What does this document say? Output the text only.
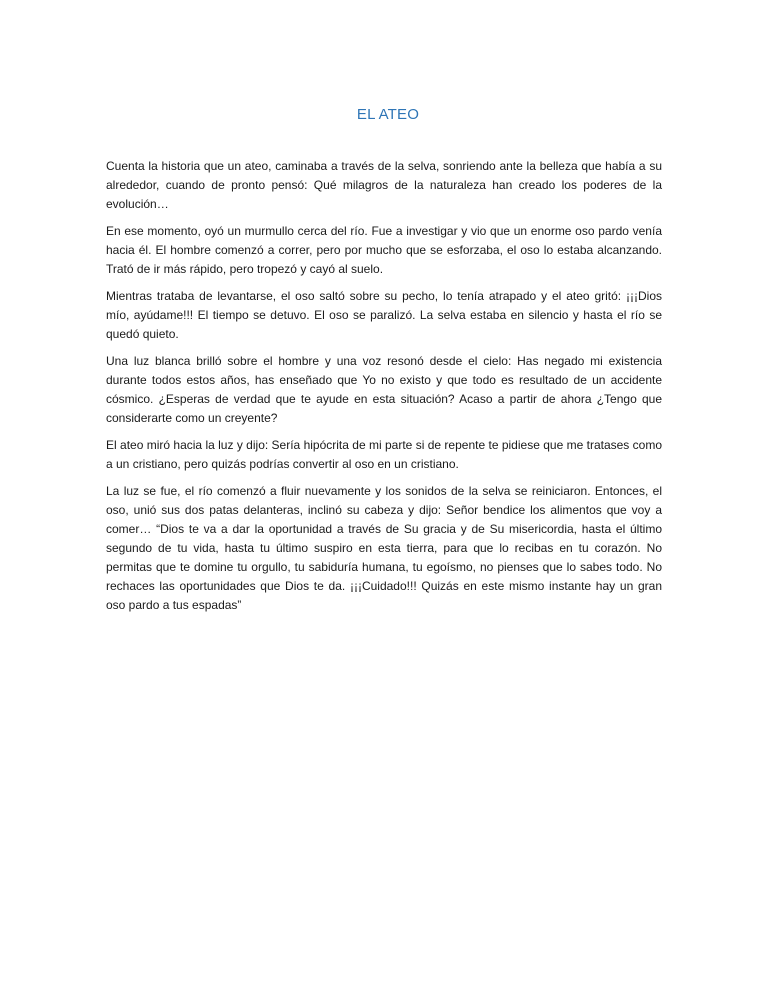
EL ATEO

Cuenta la historia que un ateo, caminaba a través de la selva, sonriendo ante la belleza que había a su alrededor, cuando de pronto pensó: Qué milagros de la naturaleza han creado los poderes de la evolución…

En ese momento, oyó un murmullo cerca del río. Fue a investigar y vio que un enorme oso pardo venía hacia él. El hombre comenzó a correr, pero por mucho que se esforzaba, el oso lo estaba alcanzando. Trató de ir más rápido, pero tropezó y cayó al suelo.

Mientras trataba de levantarse, el oso saltó sobre su pecho, lo tenía atrapado y el ateo gritó: ¡¡¡Dios mío, ayúdame!!! El tiempo se detuvo. El oso se paralizó. La selva estaba en silencio y hasta el río se quedó quieto.

Una luz blanca brilló sobre el hombre y una voz resonó desde el cielo: Has negado mi existencia durante todos estos años, has enseñado que Yo no existo y que todo es resultado de un accidente cósmico. ¿Esperas de verdad que te ayude en esta situación? Acaso a partir de ahora ¿Tengo que considerarte como un creyente?

El ateo miró hacia la luz y dijo: Sería hipócrita de mi parte si de repente te pidiese que me tratases como a un cristiano, pero quizás podrías convertir al oso en un cristiano.

La luz se fue, el río comenzó a fluir nuevamente y los sonidos de la selva se reiniciaron. Entonces, el oso, unió sus dos patas delanteras, inclinó su cabeza y dijo: Señor bendice los alimentos que voy a comer… “Dios te va a dar la oportunidad a través de Su gracia y de Su misericordia, hasta el último segundo de tu vida, hasta tu último suspiro en esta tierra, para que lo recibas en tu corazón. No permitas que te domine tu orgullo, tu sabiduría humana, tu egoísmo, no pienses que lo sabes todo. No rechaces las oportunidades que Dios te da. ¡¡¡Cuidado!!! Quizás en este mismo instante hay un gran oso pardo a tus espadas”
